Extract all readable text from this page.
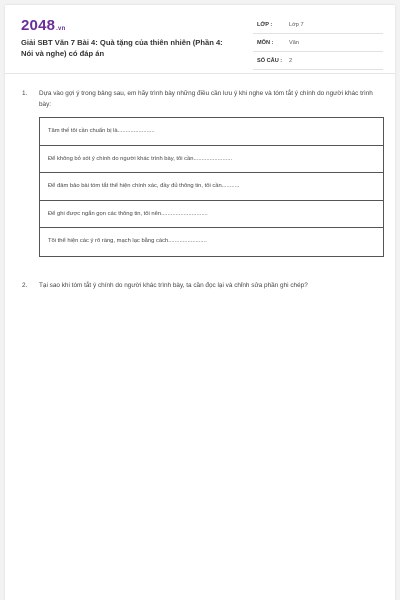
2048.vn
Giải SBT Văn 7 Bài 4: Quà tặng của thiên nhiên (Phần 4: Nói và nghe) có đáp án
LỚP :	Lớp 7
MÔN :	Văn
SỐ CÂU : 2
1. Dựa vào gợi ý trong bảng sau, em hãy trình bày những điều cần lưu ý khi nghe và tóm tắt ý chính do người khác trình bày:
Tâm thế tôi cần chuẩn bị là.......................
Để không bỏ sót ý chính do người khác trình bày, tôi cần........................
Để đảm bảo bài tóm tắt thể hiện chính xác, đầy đủ thông tin, tôi cần...........
Để ghi được ngắn gọn các thông tin, tôi nên.............................
Tôi thể hiện các ý rõ ràng, mạch lạc bằng cách........................
2. Tại sao khi tóm tắt ý chính do người khác trình bày, ta cần đọc lại và chỉnh sửa phần ghi chép?
